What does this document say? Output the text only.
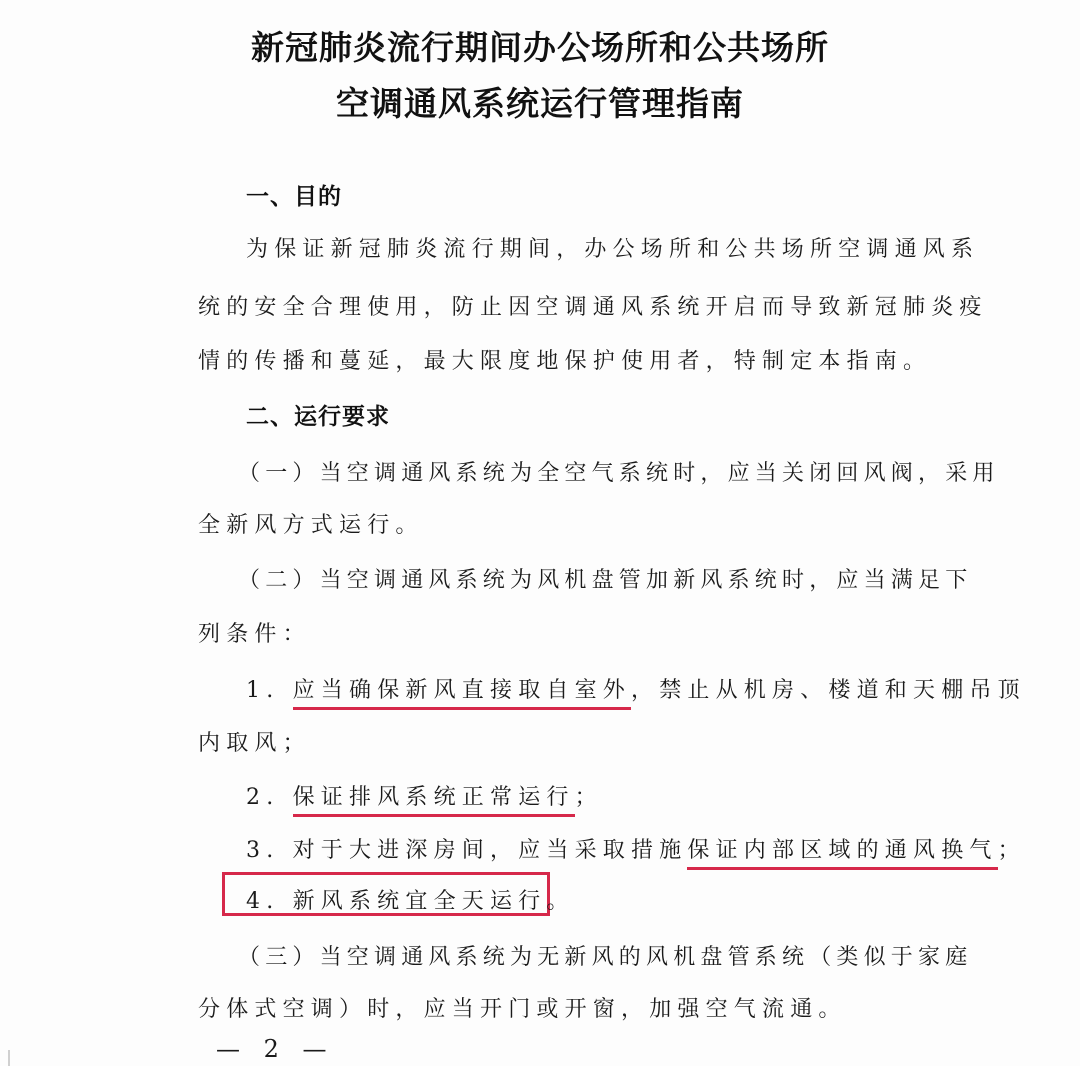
新冠肺炎流行期间办公场所和公共场所
空调通风系统运行管理指南
一、目的
为保证新冠肺炎流行期间，办公场所和公共场所空调通风系
统的安全合理使用，防止因空调通风系统开启而导致新冠肺炎疫
情的传播和蔓延，最大限度地保护使用者，特制定本指南。
二、运行要求
（一）当空调通风系统为全空气系统时，应当关闭回风阀，采用
全新风方式运行。
（二）当空调通风系统为风机盘管加新风系统时，应当满足下
列条件：
1. 应当确保新风直接取自室外，禁止从机房、楼道和天棚吊顶
内取风；
2. 保证排风系统正常运行；
3. 对于大进深房间，应当采取措施保证内部区域的通风换气；
4. 新风系统宜全天运行。
（三）当空调通风系统为无新风的风机盘管系统（类似于家庭
分体式空调）时，应当开门或开窗，加强空气流通。
— 2 —
